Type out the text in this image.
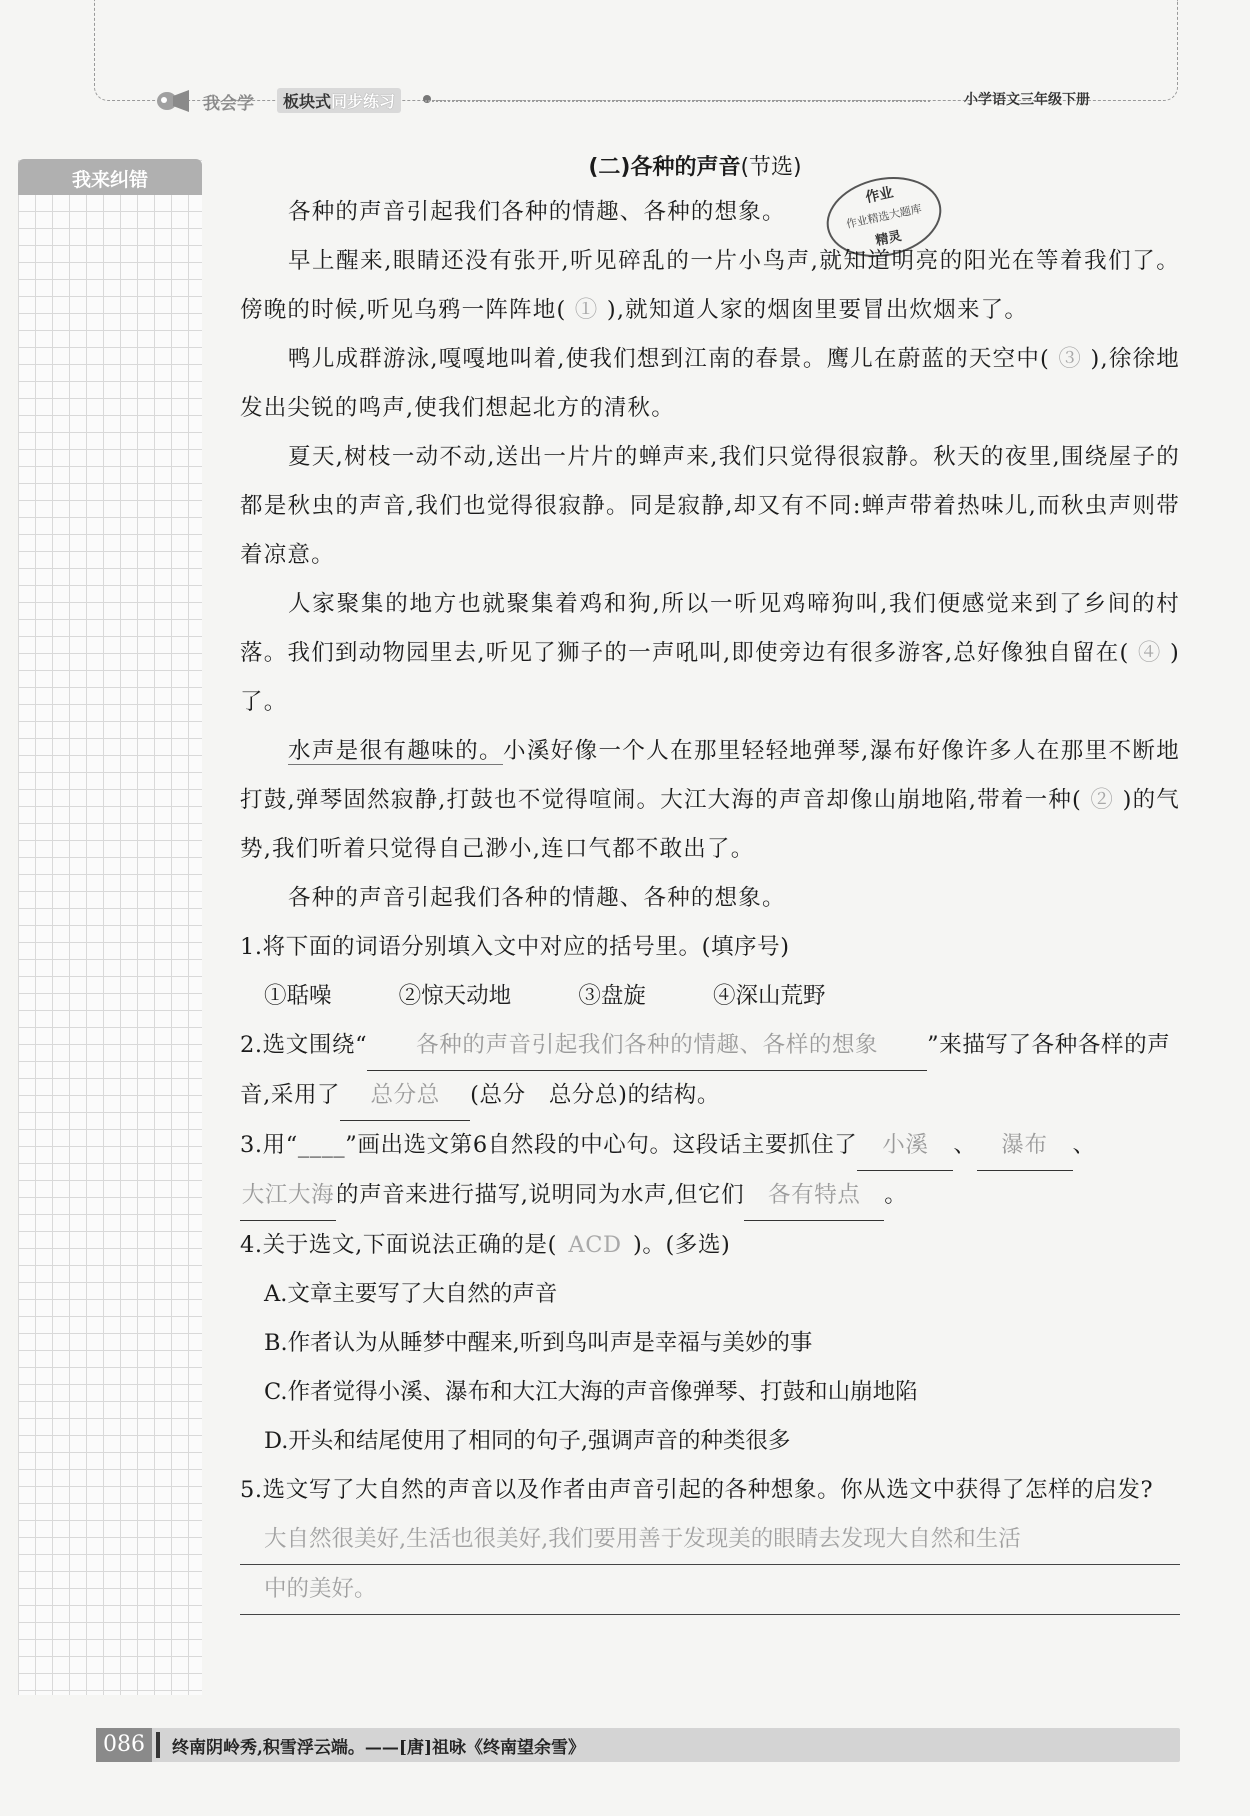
我会学	板块式同步练习	小学语文三年级下册
我来纠错
作业
作业精选大题库
精灵
(二)各种的声音(节选)
各种的声音引起我们各种的情趣、各种的想象。
早上醒来,眼睛还没有张开,听见碎乱的一片小鸟声,就知道明亮的阳光在等着我们了。傍晚的时候,听见乌鸦一阵阵地( ① ),就知道人家的烟囱里要冒出炊烟来了。
鸭儿成群游泳,嘎嘎地叫着,使我们想到江南的春景。鹰儿在蔚蓝的天空中( ③ ),徐徐地发出尖锐的鸣声,使我们想起北方的清秋。
夏天,树枝一动不动,送出一片片的蝉声来,我们只觉得很寂静。秋天的夜里,围绕屋子的都是秋虫的声音,我们也觉得很寂静。同是寂静,却又有不同:蝉声带着热味儿,而秋虫声则带着凉意。
人家聚集的地方也就聚集着鸡和狗,所以一听见鸡啼狗叫,我们便感觉来到了乡间的村落。我们到动物园里去,听见了狮子的一声吼叫,即使旁边有很多游客,总好像独自留在( ④ )了。
水声是很有趣味的。小溪好像一个人在那里轻轻地弹琴,瀑布好像许多人在那里不断地打鼓,弹琴固然寂静,打鼓也不觉得喧闹。大江大海的声音却像山崩地陷,带着一种( ② )的气势,我们听着只觉得自己渺小,连口气都不敢出了。
各种的声音引起我们各种的情趣、各种的想象。
1.将下面的词语分别填入文中对应的括号里。(填序号)
①聒噪	②惊天动地	③盘旋	④深山荒野
2.选文围绕“ 各种的声音引起我们各种的情趣、各样的想象 ”来描写了各种各样的声音,采用了 总分总 (总分　总分总)的结构。
3.用“____”画出选文第6自然段的中心句。这段话主要抓住了 小溪 、 瀑布 、大江大海的声音来进行描写,说明同为水声,但它们 各有特点 。
4.关于选文,下面说法正确的是( ACD )。(多选)
A.文章主要写了大自然的声音
B.作者认为从睡梦中醒来,听到鸟叫声是幸福与美妙的事
C.作者觉得小溪、瀑布和大江大海的声音像弹琴、打鼓和山崩地陷
D.开头和结尾使用了相同的句子,强调声音的种类很多
5.选文写了大自然的声音以及作者由声音引起的各种想象。你从选文中获得了怎样的启发?
大自然很美好,生活也很美好,我们要用善于发现美的眼睛去发现大自然和生活
中的美好。
086	终南阴岭秀,积雪浮云端。——[唐]祖咏《终南望余雪》
